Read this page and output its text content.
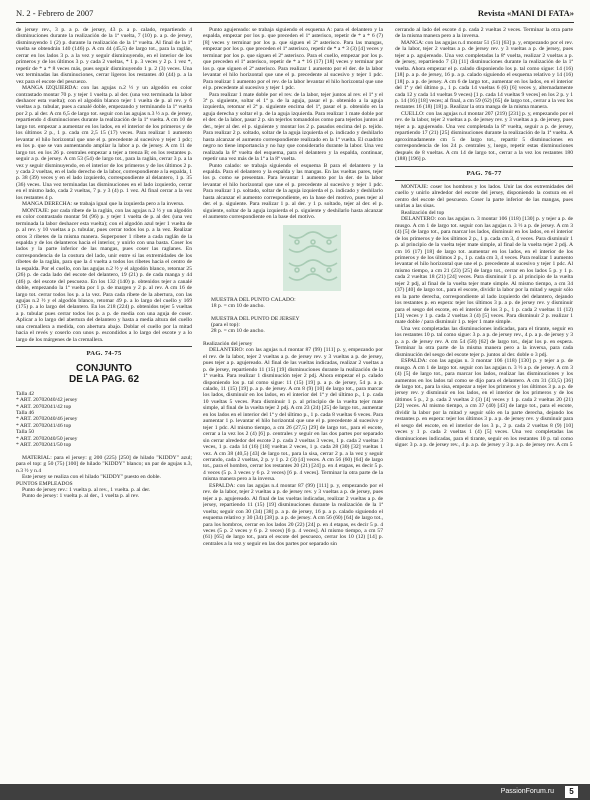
N. 2 - Febrero de 2007	Revista «MANI DI FATA»

de jersey rev., 3 p. a p. de jersey, 43 p. a p. calado, repartiendo 4 disminuciones durante la realización de la 1ª vuelta, 7 (10) p. a p. de jersey, disminuyendo 1 (2) p. durante la realización de la 1ª vuelta. Al final de la 1ª vuelta se obtendrán 140 (146) p. A cm 44 (45,5) de largo tot., para la raglán, cerrar en los lados 3 p. a la vez y seguir disminuyendo, en el interior de los primeros y de los últimos 3 p. y cada 2 vueltas, * 1 p. 3 veces y 2 p. 1 vez *, repetir de * a * 8 veces más, pues seguir disminuyendo 1 p. 2 (3) veces. Una vez terminadas las disminuciones, cerrar ligeros los restantes 40 (44) p. a la vez para el escote del pescuezo.

MANGA IZQUIERDA: con las agujas n.2 ½ y un algodón en color contrastado montar 70 p. y tejer 1 vuelta p. al der. (una vez terminada la labor deshacer esta vuelta); con el algodón blanco tejer 1 vuelta de p. al rev. y 6 vueltas a p. tubular, pues a canalé doble, empezando y terminando la 1ª vuelta por 2 p. al der. A cm 6,5 de largo tot. seguir con las agujas n.3 ½ a p. de jersey, repartiendo 4 disminuciones durante la realización de la 1ª vuelta. A cm 10 de largo tot. empezar a aumentar en los lados, en el interior de los primeros y de los últimos 2 p., 1 p. cada cm 2,5 15 (17) veces. Para realizar 1 aumento levantar el hilo horizontal que une el p. precedente al sucesivo y tejer 1 pdc; en los p. que se van aumentando ampliar la labor a p. de jersey. A cm 11 de largo tot. en los 26 p. centrales empezar a tejer a trenza B; en los restantes p. seguir a p. de jersey. A cm 53 (54) de largo tot., para la raglán, cerrar 3 p. a la vez y seguir disminuyendo, en el interior de los primeros y de los últimos 2 p. y cada 2 vueltas, en el lado derecho de la labor, correspondiente a la espalda, 1 p. 38 (39) veces y en el lado izquierdo, correspondiente al delantero, 1 p. 35 (36) veces. Una vez terminadas las disminuciones en el lado izquierdo, cerrar en el mismo lado, cada 2 vueltas, 7 p. y 3 (4) p. 1 vez. Al final cerrar a la vez los restantes 4 p.

MANGA DERECHA: se trabaja igual que la izquierda pero a la inversa.

MONTAJE: por cada ribete de la raglán, con las agujas n.2 ½ y un algodón en color contrastado montar 94 (96) p. y tejer 1 vuelta de p. al der. (una vez terminada la labor deshacer esta vuelta); con el algodón azul tejer 1 vuelta de p. al rev. y 10 vueltas a p. tubular, pues cerrar todos los p. a la vez. Realizar otros 3 ribetes de la misma manera. Superponer 1 ribete a cada raglán de la espalda y de los delanteros hacia el interior, y unirlo con una basta. Coser los lados y la parte inferior de las mangas, pues coser las raglanes. En correspondencia de la costura del lado, unir entre sí las extremidades de los ribetes de la raglán, para que la 4 vuelta a todos los ribetes hacia el centro de la espalda. Por el cuello, con las agujas n.2 ½ y el algodón blanco, retomar 25 (26) p. de cada lado del escote del delantero, 19 (21) p. de cada manga y 44 (46) p. del escote del pescuezo. En los 132 (140) p. obtenidos tejer a canalé doble, empezando la 1ª vuelta por 1 p. de margen y 2 p. al rev. A cm 16 de largo tot. cerrar todos los p. a la vez. Para cada ribete de la abertura, con las agujas n.2 ½ y el algodón blanco, retomar 49 p. a lo largo del cuello y 169 (175) p. a lo largo del delantero. En los 218 (224) p. obtenidos tejer 5 vueltas a p. tubular pues cerrar todos los p. a p. de media con una aguja de coser. Aplicar a lo largo del abertura del delantero y hasta a media altura del cuello una cremallera a medida, con abertura abajo. Doblar el cuello por la mitad hacia el revés y coserlo con unos p. escondidos a lo largo del escote y a lo largo de los márgenes de la cremallera.

PAG. 74-75
CONJUNTO
DE LA PAG. 62

Talla 42

* ART. 20702040/42 jersey

* ART. 20702041/42 top

Talla 46

* ART. 20702040/46 jersey

* ART. 20702041/46 top

Talla 50

* ART. 20702040/50 jersey

* ART. 20702041/50 top

MATERIAL: para el jersey: g 200 (225) [250] de hilado "KIDDY" azul; para el top: g 50 (75) [100] de hilado "KIDDY" blanco; un par de agujas n.3, n.3 ½ y n.4

Este jersey se realiza con el hilado "KIDDY" puesto en doble.

PUNTOS EMPLEADOS

Punto de jersey rev.: 1 vuelta p. al rev., 1 vuelta. p. al der.

Punto de jersey: 1 vuelta p. al der., 1 vuelta p. al rev.

Punto agujereado: se trabaja siguiendo el esquema A: para el delantero y la espalda, empezar por los p. que preceden el 1ª asterisco, repetir de * a * 6 (7) [8] veces y terminar por los p. que siguen el 2ª asterisco. Para las mangas, empezar por los p. que preceden el 1ª asterisco, repetir de * a * 3 (3) [4] veces y terminar por los p. que siguen el 2ª asterisco. Para el cuello, empezar por los p. que preceden el 1ª asterisco, repetir de * a * 16 (17) [18] veces y terminar por los p. que siguen el 2ª asterisco. Para realizar 1 aumento por el der. de la labor levantar el hilo horizontal que une el p. precedente al sucesivo y tejer 1 pdc. Para realizar 1 aumento por el rev. de la labor levantar el hilo horizontal que une el p. precedente al sucesivo y tejer 1 pdc.

Para realizar 1 mate doble por el rev. de la labor, tejer juntos al rev. el 1ª y el 3ª p. siguiente, soltar el 1ª p. de la aguja, pasar el p. obtenido a la aguja izquierda, retomar el 2ª p. siguiente encima del 1ª, pasar el p. obtenido en la aguja derecha y soltar el p. de la aguja izquierda. Para realizar 1 mate doble por el der. de la labor, pasar 2 p. sin tejerlos tomandolos como para tejerlos juntos al der., tejer al der. el p. siguiente y montar los 2 p. pasados encima del p. tejido. Para realizar 2 p. soltado, soltar de la aguja izquierda el p. indicado y deshilarlo hasta alcanzar el aumento correspondiente realizado en la 1ª vuelta. El cuadrito negro no tiene importancia y no hay que considerarlo durante la labor. Una vez realizada la 8ª vuelta del esquema, para el delantero y la espalda, continuar, repetir una vez más de la 1ª a la 8ª vuelta.

Punto calado: se trabaja siguiendo el esquema B para el delantero y la espalda. Para el delantero y la espalda y las mangas. En las vueltas pares, tejer los p. como se presentan. Para levantar 1 aumento por la der. de la labor levantar el hilo horizontal que une el p. precedente al sucesivo y tejer 1 pdc. Para realizar 1 p. soltado, soltar de la aguja izquierda el p. indicado y deshilarlo hasta alcanzar el aumento correspondiente, en la base del motivo, pues tejer al der. el p. siguiente. Para realizar 1 p. al der. y 1 p. soltado, tejer al der. el p. siguiente, soltar de la aguja izquierda el p. siguiente y deshilarlo hasta alcanzar el aumento correspondiente en la base del motivo.

MUESTRA DEL PUNTO CALADO:

18 p. = cm 10 de ancho.

MUESTRA DEL PUNTO DE JERSEY

(para el top):

28 p. = cm 10 de ancho.

Realización del jersey

DELANTERO: con las agujas n.4 montar 87 (99) [111] p. y, empezando por el rev. de la labor, tejer 2 vueltas a p. de jersey rev. y 3 vueltas a p. de jersey, pues tejer a p. agujereado. Al final de las vueltas indicadas, realizar 2 vueltas a p. de jersey, repartiendo 11 (15) [19] disminuciones durante la realización de la 1ª vuelta. Para realizar 1 disminución tejer 2 pdj. Ahora empezar el p. calado disponiendo los p. tal como sigue: 11 (15) [19] p. a p. de jersey, 54 p. a p. calado, 11 (15) [19] p. a p. de jersey. A cm 8 (9) [10] de largo tot., para marcar los lados, disminuir en los lados, en el interior del 1ª y del último p., 1 p. cada 10 vueltas 5 veces. Para disminuir 1 p. al principio de la vuelta tejer mate simple, al final de la vuelta tejer 2 pdj. A cm 23 (24) [25] de largo tot., aumentar en los lados en el interior del 1ª y del último p., 1 p. cada 8 vueltas 6 veces. Para aumentar 1 p. levantar el hilo horizontal que une el p. precedente al sucesivo y tejer 1 pdc. Al mismo tiempo, a cm 26 (27,5) [29] de largo tot., para el escote, cerrar a la vez los 2 (4) [6] p. centrales y seguir en las dos partes por separado sin cerrar alrededor del escote 2 p. cada 2 vueltas 3 veces, 1 p. cada 2 vueltas 3 veces, 1 p. cada 14 (16) [18] vueltas 2 veces, 1 p. cada 28 (30) [32] vueltas 1 vez. A cm 38 (40,5) [43] de largo tot., para la sisa, cerrar 2 p. a la vez y seguir cerrando, cada 2 vueltas, 2 p. y 1 p. 2 (3) [4] veces. A cm 56 (60) [64] de largo tot., para el hombro, cerrar los restantes 20 (21) [24] p. en 4 etapas, es decir 5 p. 4 veces (5 p. 3 veces y 6 p. 2 veces) [6 p. 4 veces]. Terminar la otra parte de la misma manera pero a la inversa.

ESPALDA: con las agujas n.4 montar 87 (99) [111] p. y, empezando por el rev. de la labor, tejer 2 vueltas a p. de jersey rev. y 3 vueltas a p. de jersey, pues tejer a p. agujereado. Al final de las vueltas indicadas, realizar 2 vueltas a p. de jersey, repartiendo 11 (15) [19] disminuciones durante la realización de la 1ª vuelta; seguir con 30 (34) [38] p. a p. de jersey, 16 p. a p. calado siguiendo el esquema relativo y 30 (34) [38] p. a p. de jersey. A cm 56 (60) [64] de largo tot., para los hombros, cerrar en los lados 20 (22) [24] p. en 4 etapas, es decir 5 p. 4 veces (5 p. 2 veces y 6 p. 2 veces) [6 p. 4 veces]. Al mismo tiempo, a cm 57 (61) [65] de largo tot., para el escote del pescuezo, cerrar los 10 (12) [14] p. centrales a la vez y seguir en las dos partes por separado sin

cerrando al lado del escote 4 p. cada 2 vueltas 2 veces. Terminar la otra parte de la misma manera pero a la inversa.

MANGA: con las agujas n.4 montar 51 (51) [63] p. y, empezando por el rev. de la labor, tejer 2 vueltas a p. de jersey rev. y 3 vueltas a p. de jersey, pues tejer a p. agujereado. Una vez completadas la 8ª vuelta, realizar 2 vueltas a p. de jersey, repartiendo 7 (3) [11] disminuciones durante la realización de la 1ª vuelta. Ahora empezar el p. calado disponiendo los p. tal como sigue: 14 (16) [18] p. a p. de jersey, 16 p. a p. calado siguiendo el esquema relativo y 14 (16) [18] p. a p. de jersey. A cm 6 de largo tot., aumentar en los lados, en el interior del 1ª y del último p., 1 p. cada 14 vueltas 6 (6) [6] veces y, alternadamente cada 12 y cada 14 vueltas 9 veces) [1 p. cada 14 vueltas 9 veces] en los 2 p. y 1 p. 14 (16) [18] veces; al final, a cm 59 (62) [65] de largo tot., cerrar a la vez los restantes 16 (18) [18] p. Realizar la otra manga de la misma manera.

CUELLO: con las agujas n.4 montar 207 (219) [231] p. y, empezando por el rev. de la labor, tejer 2 vueltas a p. de jersey rev. y 3 vueltas a p. de jersey, pues tejer a p. agujereado. Una vez completada la 8ª vuelta, seguir a p. de jersey, repartiendo 17 (21) [25] disminuciones durante la realización de la 1ª vuelta. A aproximadamente cm 5 de largo tot., repartir 5 disminuciones en correspondencia de los 24 p. centrales y, luego, repetir estas disminuciones después de 8 vueltas. A cm 14 de largo tot., cerrar a la vez los restantes 180 (188) [196] p.

PAG. 76-77

MONTAJE: coser los hombros y los lados. Unir las dos extremidades del cuello y unirlo alrededor del escote del jersey, disponiendo la costura en el centro del escote del pescuezo. Coser la parte inferior de las mangas, pues unirlas a las sisas.

Realización del top

DELANTERO: con las agujas n. 3 montar 106 (118) [130] p. y tejer a p. de musgo. A cm 1 de largo tot. seguir con las agujas n. 3 ½ a p. de jersey. A cm 3 (4) [5] de largo tot., para marcar los lados, disminuir en los lados, en el interior de los primeros y de los últimos 2 p., 1 p. cada cm 3, 4 veces. Para disminuir 1 p. al principio de la vuelta tejer mate simple, al final de la vuelta tejer 2 pdj. A cm 16 (17) [18] de largo tot. aumentar en los lados, en el interior de los primeros y de los últimos 2 p., 1 p. cada cm 3, 4 veces. Para realizar 1 aumento levantar el hilo horizontal que une el p. precedente al sucesivo y tejer 1 pdc. Al mismo tiempo, a cm 21 (23) [25] de largo tot., cerrar en los lados 5 p. y 1 p. cada 2 vueltas 18 (21) [24] veces. Para disminuir 1 p. al principio de la vuelta tejer 2 pdj, al final de la vuelta tejer mate simple. Al mismo tiempo, a cm 34 (37) [40] de largo tot., para el escote, dividir la labor por la mitad y seguir sólo en la parte derecha, correspondiente al lado izquierdo del delantero, dejando los restantes p. en espera: tejer los últimos 3 p. a p. de jersey rev. y disminuir para el sesgo del escote, en el interior de los 3 p., 1 p. cada 2 vueltas 11 (12) [13] veces y 1 p. cada 2 vueltas 3 (4) [5] veces. Para disminuir 2 p. realizar 1 mate doble / para disminuir 1 p. tejer 1 mate simple.

Una vez completadas las disminuciones indicadas, para el tirante, seguir en los restantes 10 p. tal como sigue: 3 p. a p. de jersey rev., 4 p. a p. de jersey y 3 p. a p. de jersey rev. A cm 54 (58) [62] de largo tot., dejar los p. en espera. Terminar la otra parte de la misma manera pero a la inversa, para cada disminución del sesgo del escote tejer p. juntos al der. doble o 3 pdj.

ESPALDA: con las agujas n. 3 montar 106 (118) [130] p. y tejer a p. de musgo. A cm 1 de largo tot. seguir con las agujas n. 3 ½ a p. de jersey. A cm 3 (4) [5] de largo tot., para marcar los lados, realizar las disminuciones y los aumentos en los lados tal como se dijo para el delantero. A cm 31 (33,5) [36] de largo tot., para la sisa, empezar a tejer los primeros y los últimos 3 p. a p. de jersey rev. y disminuir en los lados, en el interior de los primeros y de los últimos 5 p., 2 p. cada 2 vueltas 2 (3) [4] veces y 1 p. cada 2 vueltas 20 (21) [22] veces. Al mismo tiempo, a cm 37 (40) [43] de largo tot., para el escote, dividir la labor por la mitad y seguir sólo en la parte derecha, dejando los restantes p. en espera: tejer los últimos 3 p. a p. de jersey rev. y disminuir para el sesgo del escote, en el interior de los 3 p., 2 p. cada 2 vueltas 8 (9) [10] veces y 1 p. cada 2 vueltas 1 (4) [5] veces. Una vez completadas las disminuciones indicadas, para el tirante, seguir en los restantes 10 p. tal como sigue: 3 p. a p. de jersey rev., 4 p. a p. de jersey y 3 p. a p. de jersey rev. A cm 5

PassionForum.ru	5
